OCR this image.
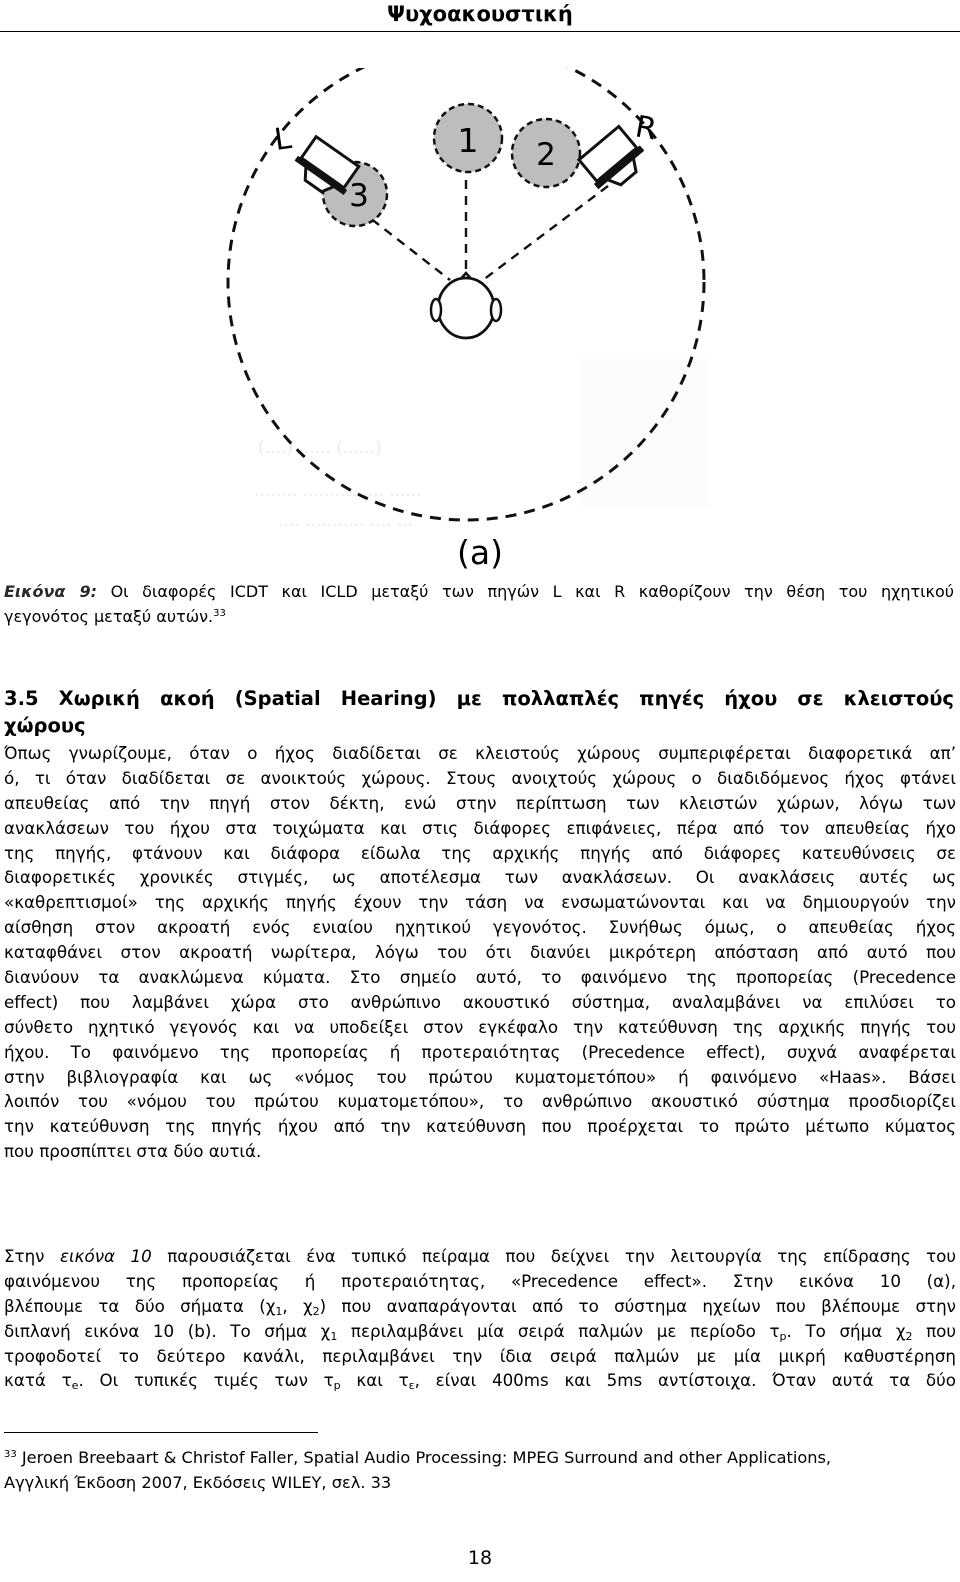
Ψυχοακουστική
(....) ...... (......)
........ .......... .... ......
.... ........... .... ...
1 2
3
L	R
(a)
Εικόνα 9: Οι διαφορές ICDT και ICLD μεταξύ των πηγών L και R καθορίζουν την θέση του ηχητικού
γεγονότος μεταξύ αυτών.$^{33}$
3.5 Χωρική ακοή (Spatial Hearing) με πολλαπλές πηγές ήχου σε κλειστούς
χώρους
Όπως γνωρίζουμε, όταν ο ήχος διαδίδεται σε κλειστούς χώρους συμπεριφέρεται διαφορετικά απ’
ό, τι όταν διαδίδεται σε ανοικτούς χώρους. Στους ανοιχτούς χώρους ο διαδιδόμενος ήχος φτάνει
απευθείας από την πηγή στον δέκτη, ενώ στην περίπτωση των κλειστών χώρων, λόγω των
ανακλάσεων του ήχου στα τοιχώματα και στις διάφορες επιφάνειες, πέρα από τον απευθείας ήχο
της πηγής, φτάνουν και διάφορα είδωλα της αρχικής πηγής από διάφορες κατευθύνσεις σε
διαφορετικές χρονικές στιγμές, ως αποτέλεσμα των ανακλάσεων. Οι ανακλάσεις αυτές ως
«καθρεπτισμοί» της αρχικής πηγής έχουν την τάση να ενσωματώνονται και να δημιουργούν την
αίσθηση στον ακροατή ενός ενιαίου ηχητικού γεγονότος. Συνήθως όμως, ο απευθείας ήχος
καταφθάνει στον ακροατή νωρίτερα, λόγω του ότι διανύει μικρότερη απόσταση από αυτό που
διανύουν τα ανακλώμενα κύματα. Στο σημείο αυτό, το φαινόμενο της προπορείας (Precedence
effect) που λαμβάνει χώρα στο ανθρώπινο ακουστικό σύστημα, αναλαμβάνει να επιλύσει το
σύνθετο ηχητικό γεγονός και να υποδείξει στον εγκέφαλο την κατεύθυνση της αρχικής πηγής του
ήχου. Το φαινόμενο της προπορείας ή προτεραιότητας (Precedence effect), συχνά αναφέρεται
στην βιβλιογραφία και ως «νόμος του πρώτου κυματομετόπου» ή φαινόμενο «Haas». Βάσει
λοιπόν του «νόμου του πρώτου κυματομετόπου», το ανθρώπινο ακουστικό σύστημα προσδιορίζει
την κατεύθυνση της πηγής ήχου από την κατεύθυνση που προέρχεται το πρώτο μέτωπο κύματος
που προσπίπτει στα δύο αυτιά.
Στην εικόνα 10 παρουσιάζεται ένα τυπικό πείραμα που δείχνει την λειτουργία της επίδρασης του
φαινόμενου της προπορείας ή προτεραιότητας, «Precedence effect». Στην εικόνα 10 (α),
βλέπουμε τα δύο σήματα ($\chi_1$, $\chi_2$) που αναπαράγονται από το σύστημα ηχείων που βλέπουμε στην
διπλανή εικόνα 10 (b). Το σήμα $\chi_1$ περιλαμβάνει μία σειρά παλμών με περίοδο $\tau_p$. Το σήμα $\chi_2$ που
τροφοδοτεί το δεύτερο κανάλι, περιλαμβάνει την ίδια σειρά παλμών με μία μικρή καθυστέρηση
κατά $\tau_e$. Οι τυπικές τιμές των $\tau_p$ και $\tau_\varepsilon$, είναι 400ms και 5ms αντίστοιχα. Όταν αυτά τα δύο
$^{33}$ Jeroen Breebaart & Christof Faller, Spatial Audio Processing: MPEG Surround and other Applications,
Αγγλική Έκδοση 2007, Εκδόσεις WILEY, σελ. 33
18
